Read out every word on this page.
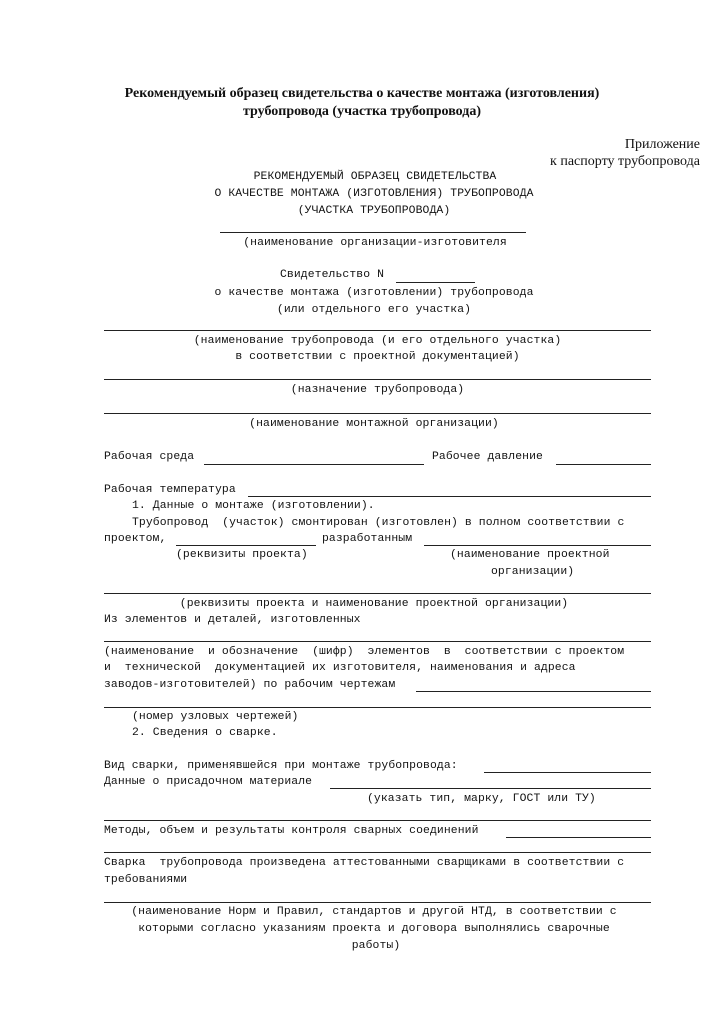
Рекомендуемый образец свидетельства о качестве монтажа (изготовления)
трубопровода (участка трубопровода)
Приложение
к паспорту трубопровода
РЕКОМЕНДУЕМЫЙ ОБРАЗЕЦ СВИДЕТЕЛЬСТВА
О КАЧЕСТВЕ МОНТАЖА (ИЗГОТОВЛЕНИЯ) ТРУБОПРОВОДА
(УЧАСТКА ТРУБОПРОВОДА)
(наименование организации-изготовителя
Свидетельство N
о качестве монтажа (изготовлении) трубопровода
(или отдельного его участка)
(наименование трубопровода (и его отдельного участка)
в соответствии с проектной документацией)
(назначение трубопровода)
(наименование монтажной организации)
Рабочая среда	Рабочее давление
Рабочая температура
1. Данные о монтаже (изготовлении).
Трубопровод  (участок) смонтирован (изготовлен) в полном соответствии с
проектом,	разработанным
(реквизиты проекта)	(наименование проектной
организации)
(реквизиты проекта и наименование проектной организации)
Из элементов и деталей, изготовленных
(наименование  и обозначение  (шифр)  элементов  в  соответствии с проектом
и  технической  документацией их изготовителя, наименования и адреса
заводов-изготовителей) по рабочим чертежам
(номер узловых чертежей)
2. Сведения о сварке.
Вид сварки, применявшейся при монтаже трубопровода:
Данные о присадочном материале
(указать тип, марку, ГОСТ или ТУ)
Методы, объем и результаты контроля сварных соединений
Сварка  трубопровода произведена аттестованными сварщиками в соответствии с
требованиями
(наименование Норм и Правил, стандартов и другой НТД, в соответствии с
которыми согласно указаниям проекта и договора выполнялись сварочные
работы)
